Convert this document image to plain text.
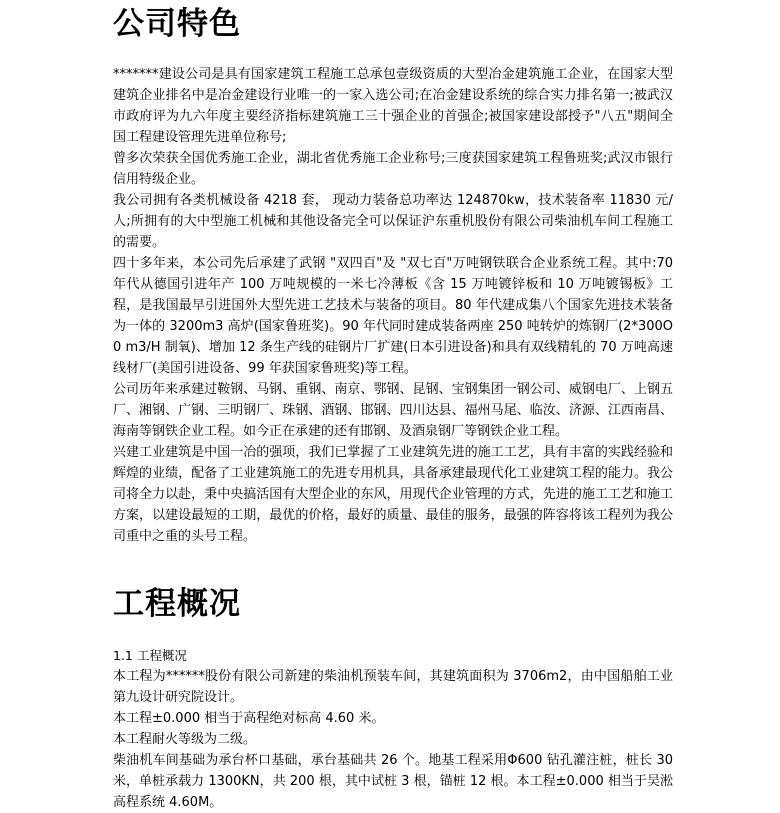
公司特色

*******建设公司是具有国家建筑工程施工总承包壹级资质的大型冶金建筑施工企业，在国家大型建筑企业排名中是冶金建设行业唯一的一家入选公司;在冶金建设系统的综合实力排名第一;被武汉市政府评为九六年度主要经济指标建筑施工三十强企业的首强企;被国家建设部授予"八五"期间全国工程建设管理先进单位称号;

曾多次荣获全国优秀施工企业，湖北省优秀施工企业称号;三度获国家建筑工程鲁班奖;武汉市银行信用特级企业。

我公司拥有各类机械设备 4218 套， 现动力装备总功率达 124870kw，技术装备率 11830 元/人;所拥有的大中型施工机械和其他设备完全可以保证沪东重机股份有限公司柴油机车间工程施工的需要。

四十多年来，本公司先后承建了武钢 "双四百"及 "双七百"万吨钢铁联合企业系统工程。其中:70 年代从德国引进年产 100 万吨规模的一米七冷薄板《含 15 万吨镀锌板和 10 万吨镀锡板》工程，是我国最早引进国外大型先进工艺技术与装备的项目。80 年代建成集八个国家先进技术装备为一体的 3200m3 高炉(国家鲁班奖)。90 年代同时建成装备两座 250 吨转炉的炼钢厂(2*300O0 m3/H 制氧)、增加 12 条生产线的硅钢片厂扩建(日本引进设备)和具有双线精轧的 70 万吨高速线材厂(美国引进设备、99 年获国家鲁班奖)等工程。

公司历年来承建过鞍钢、马钢、重钢、南京、鄂钢、昆钢、宝钢集团一钢公司、威钢电厂、上钢五厂、湘钢、广钢、三明钢厂、珠钢、酒钢、邯钢、四川达县、福州马尾、临汝、济源、江西南昌、海南等钢铁企业工程。如今正在承建的还有邯钢、及酒泉钢厂等钢铁企业工程。

兴建工业建筑是中国一冶的强项，我们已掌握了工业建筑先进的施工工艺，具有丰富的实践经验和辉煌的业绩，配备了工业建筑施工的先进专用机具，具备承建最现代化工业建筑工程的能力。我公司将全力以赴，秉中央搞活国有大型企业的东风，用现代企业管理的方式，先进的施工工艺和施工方案，以建设最短的工期，最优的价格，最好的质量、最佳的服务，最强的阵容将该工程列为我公司重中之重的头号工程。

工程概况

1.1 工程概况

本工程为******股份有限公司新建的柴油机预装车间，其建筑面积为 3706m2，由中国船舶工业第九设计研究院设计。

本工程±0.000 相当于高程绝对标高 4.60 米。

本工程耐火等级为二级。

柴油机车间基础为承台杯口基础，承台基础共 26 个。地基工程采用Φ600 钻孔灌注桩，桩长 30 米，单桩承载力 1300KN，共 200 根，其中试桩 3 根，锚桩 12 根。本工程±0.000 相当于吴淞高程系统 4.60M。
